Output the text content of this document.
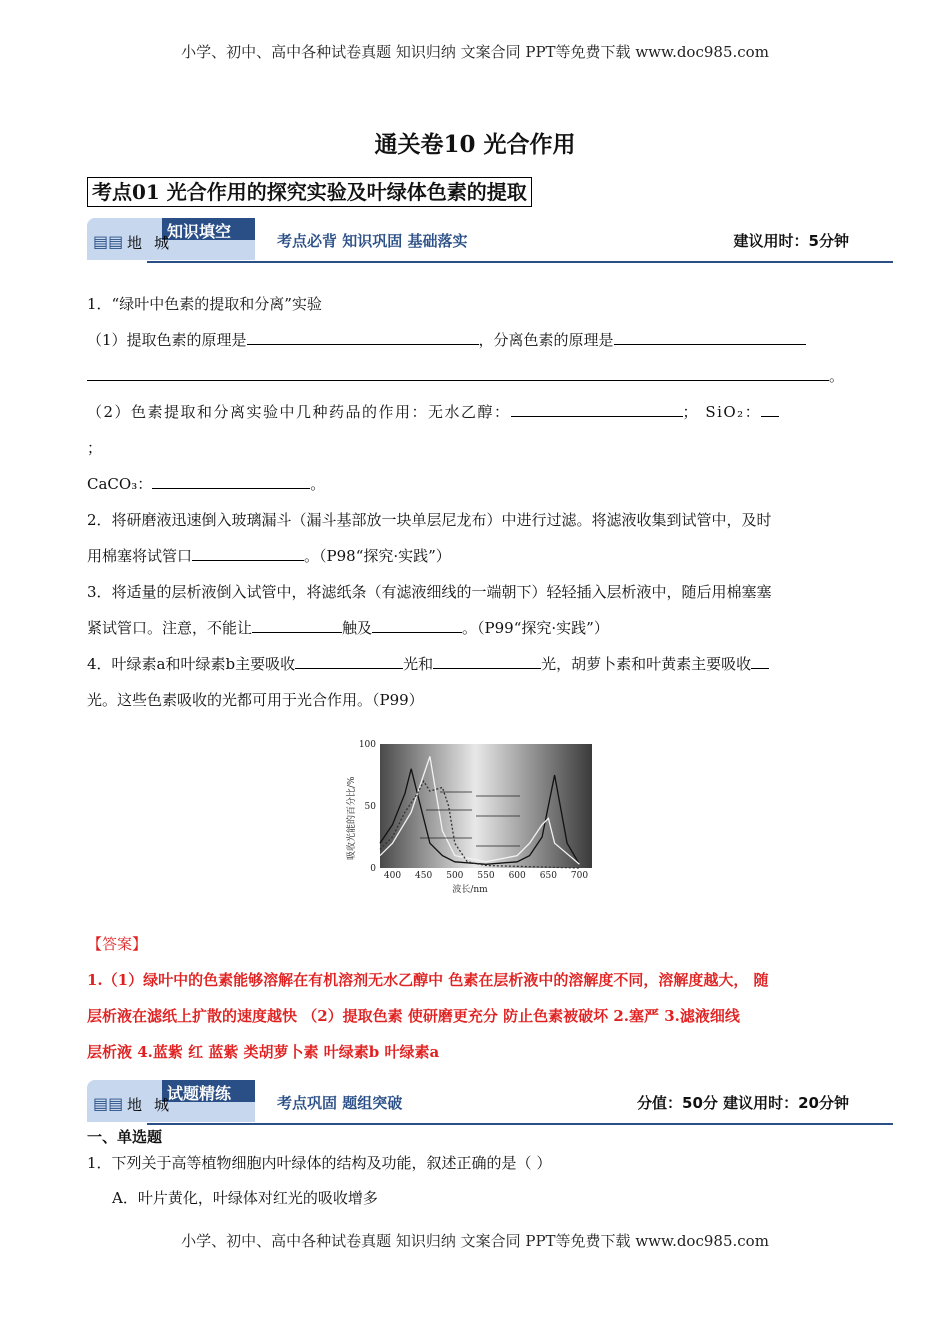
小学、初中、高中各种试卷真题 知识归纳 文案合同 PPT等免费下载 www.doc985.com
通关卷10 光合作用
考点01 光合作用的探究实验及叶绿体色素的提取
知识填空
▤▤ 地城	考点必背 知识巩固 基础落实	建议用时：5分钟
1．“绿叶中色素的提取和分离”实验
（1）提取色素的原理是	，分离色素的原理是
。
（2）色素提取和分离实验中几种药品的作用：无水乙醇：	； SiO₂：
；
CaCO₃：	。
2．将研磨液迅速倒入玻璃漏斗（漏斗基部放一块单层尼龙布）中进行过滤。将滤液收集到试管中，及时
用棉塞将试管口	。（P98“探究·实践”）
3．将适量的层析液倒入试管中，将滤纸条（有滤液细线的一端朝下）轻轻插入层析液中，随后用棉塞塞
紧试管口。注意，不能让	触及	。（P99“探究·实践”）
4．叶绿素a和叶绿素b主要吸收	光和	光，胡萝卜素和叶黄素主要吸收
光。这些色素吸收的光都可用于光合作用。（P99）
吸收光能的百分比/%
波长/nm
400 450 500 550 600 650 700
0
50
100
【答案】
1.（1）绿叶中的色素能够溶解在有机溶剂无水乙醇中 色素在层析液中的溶解度不同，溶解度越大， 随
层析液在滤纸上扩散的速度越快 （2）提取色素 使研磨更充分 防止色素被破坏 2.塞严 3.滤液细线
层析液 4.蓝紫 红 蓝紫 类胡萝卜素 叶绿素b 叶绿素a
试题精练
▤▤ 地城	考点巩固 题组突破	分值：50分 建议用时：20分钟
一、单选题
1．下列关于高等植物细胞内叶绿体的结构及功能，叙述正确的是（ ）
A．叶片黄化，叶绿体对红光的吸收增多
小学、初中、高中各种试卷真题 知识归纳 文案合同 PPT等免费下载 www.doc985.com
